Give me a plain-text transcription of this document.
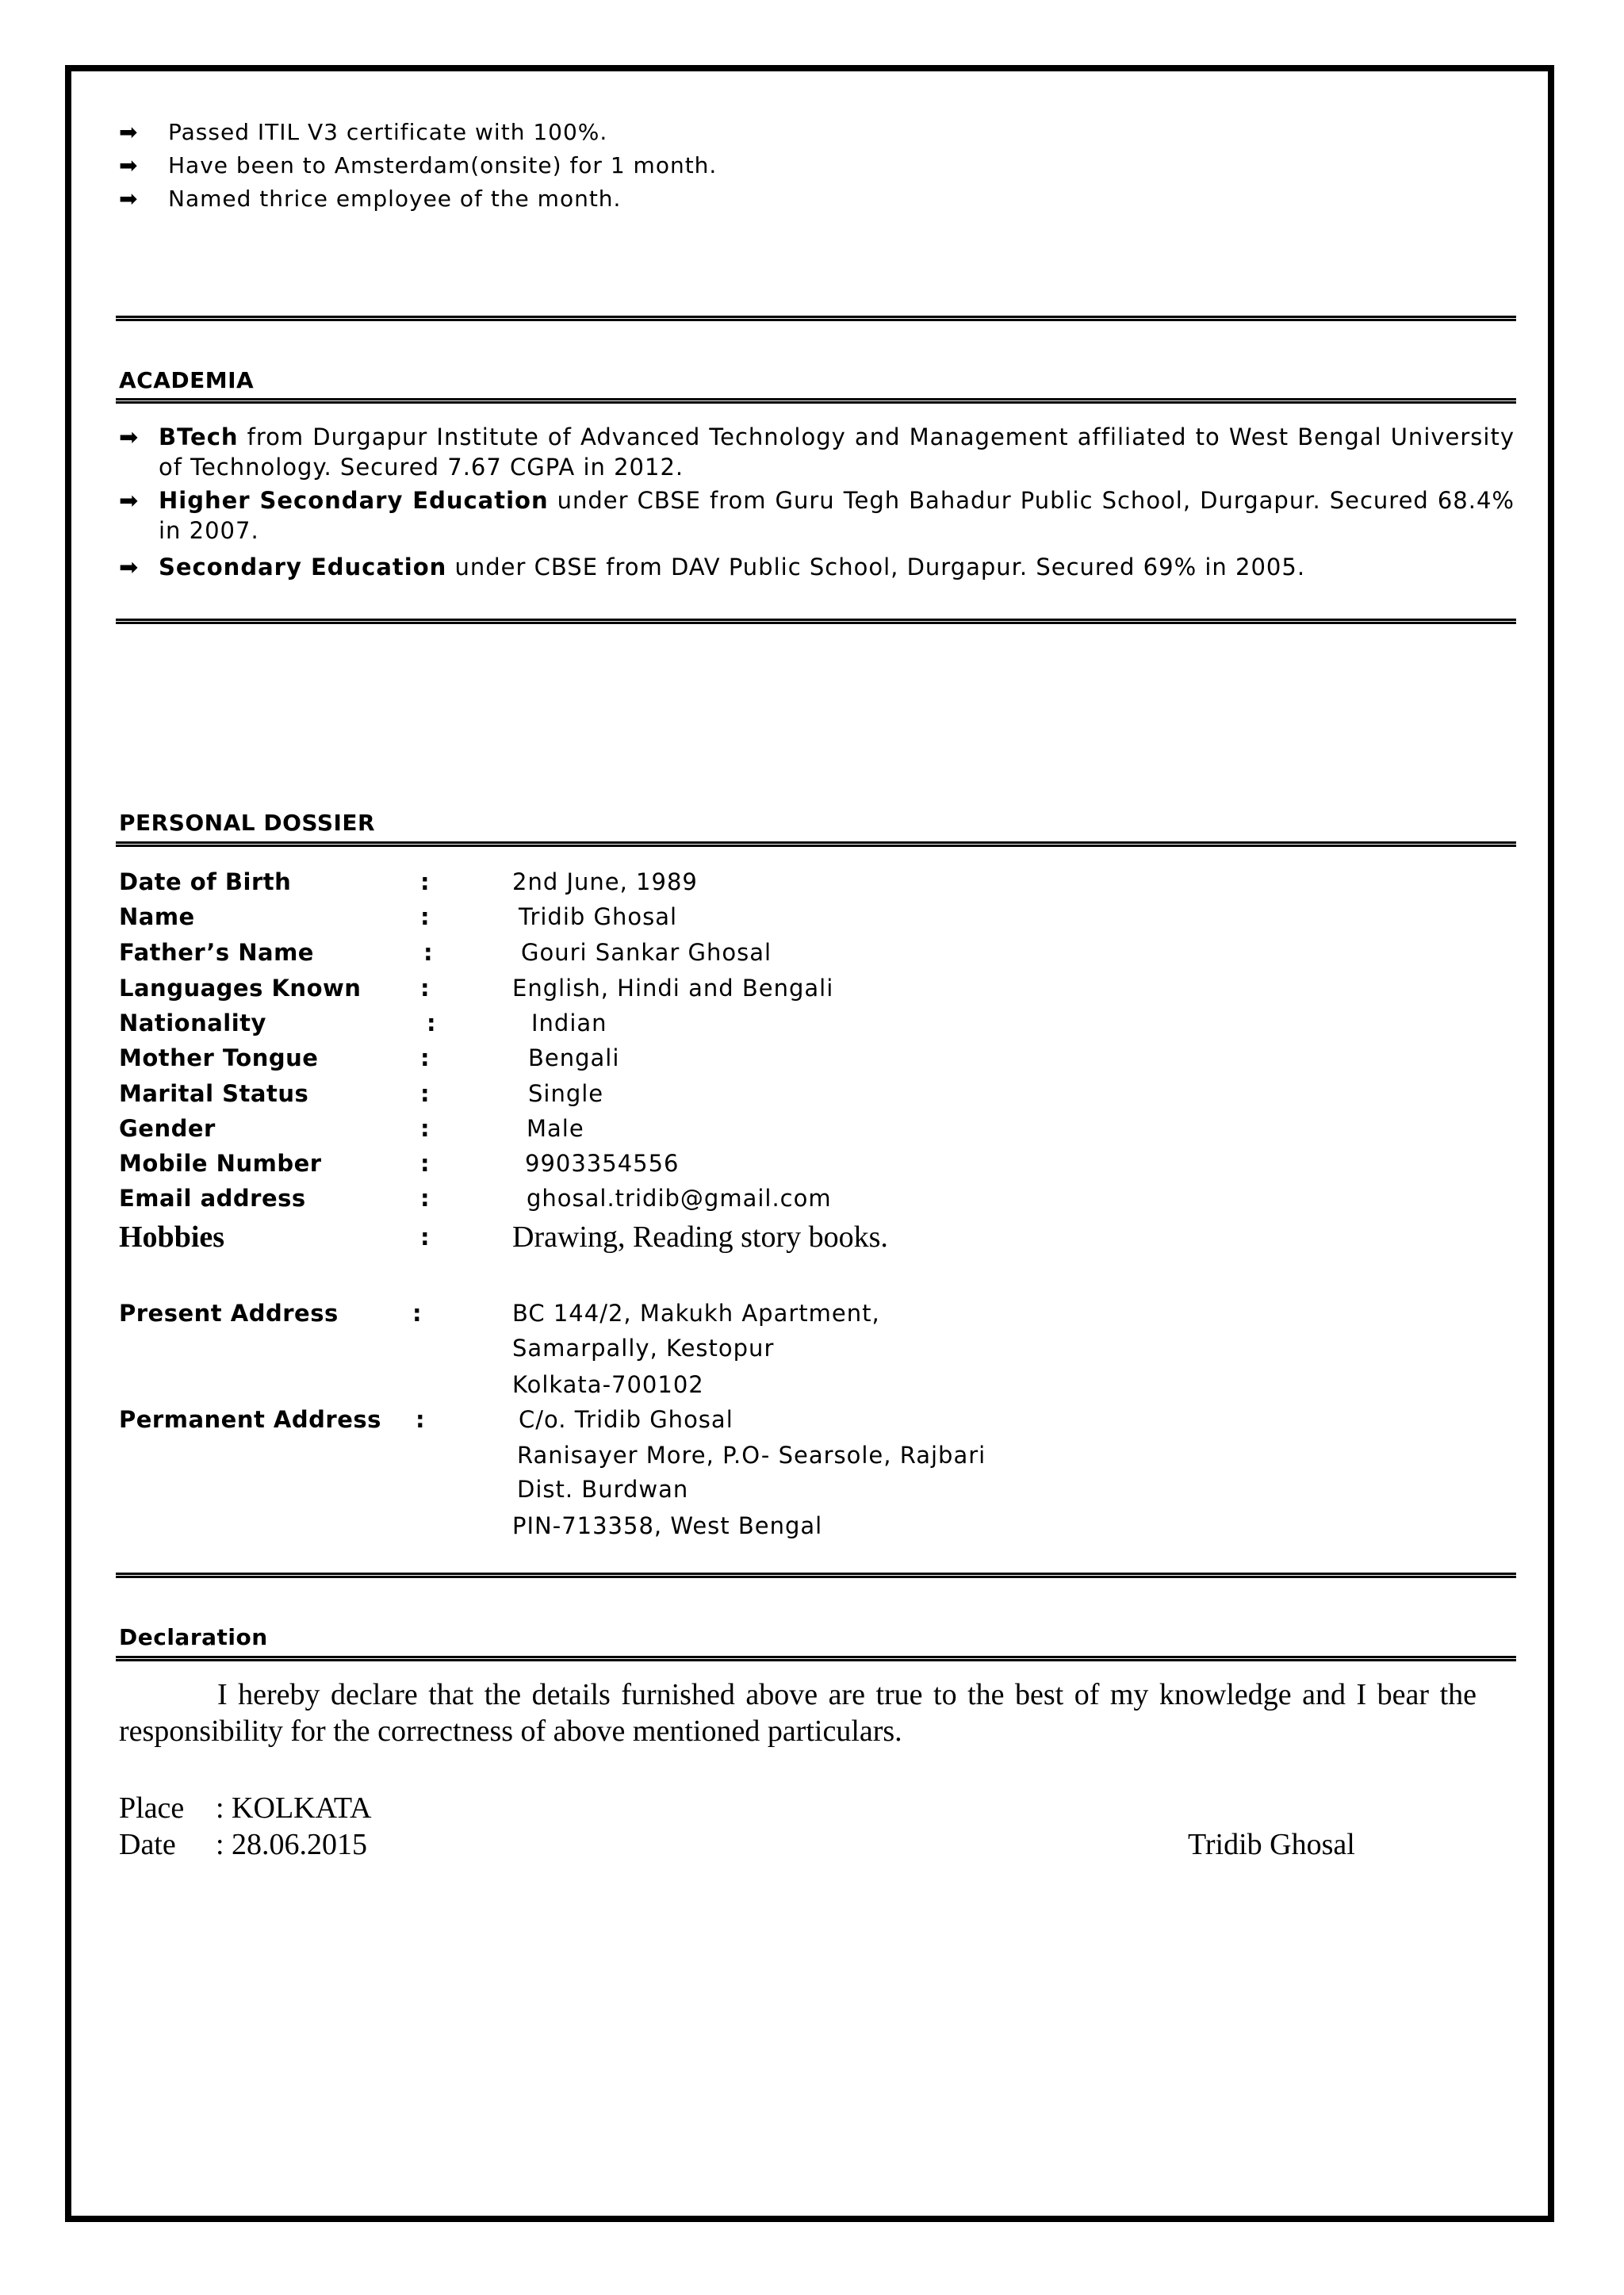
➡ Passed ITIL V3 certificate with 100%.
➡ Have been to Amsterdam(onsite) for 1 month.
➡ Named thrice employee of the month.
ACADEMIA
➡ BTech from Durgapur Institute of Advanced Technology and Management affiliated to West Bengal University of Technology. Secured 7.67 CGPA in 2012.
➡ Higher Secondary Education under CBSE from Guru Tegh Bahadur Public School, Durgapur. Secured 68.4% in 2007.
➡ Secondary Education under CBSE from DAV Public School, Durgapur. Secured 69% in 2005.
PERSONAL DOSSIER
Date of Birth	:	2nd June, 1989
Name	:	Tridib Ghosal
Father’s Name	:	Gouri Sankar Ghosal
Languages Known	:	English, Hindi and Bengali
Nationality	:	Indian
Mother Tongue	:	Bengali
Marital Status	:	Single
Gender	:	Male
Mobile Number	:	9903354556
Email address	:	ghosal.tridib@gmail.com
Hobbies	:	Drawing, Reading story books.
Present Address	:	BC 144/2, Makukh Apartment,
Samarpally, Kestopur
Kolkata-700102
Permanent Address :	C/o. Tridib Ghosal
Ranisayer More, P.O- Searsole, Rajbari
Dist. Burdwan
PIN-713358, West Bengal
Declaration

I hereby declare that the details furnished above are true to the best of my knowledge and I bear the responsibility for the correctness of above mentioned particulars.

Place : KOLKATA
Date : 28.06.2015	Tridib Ghosal
